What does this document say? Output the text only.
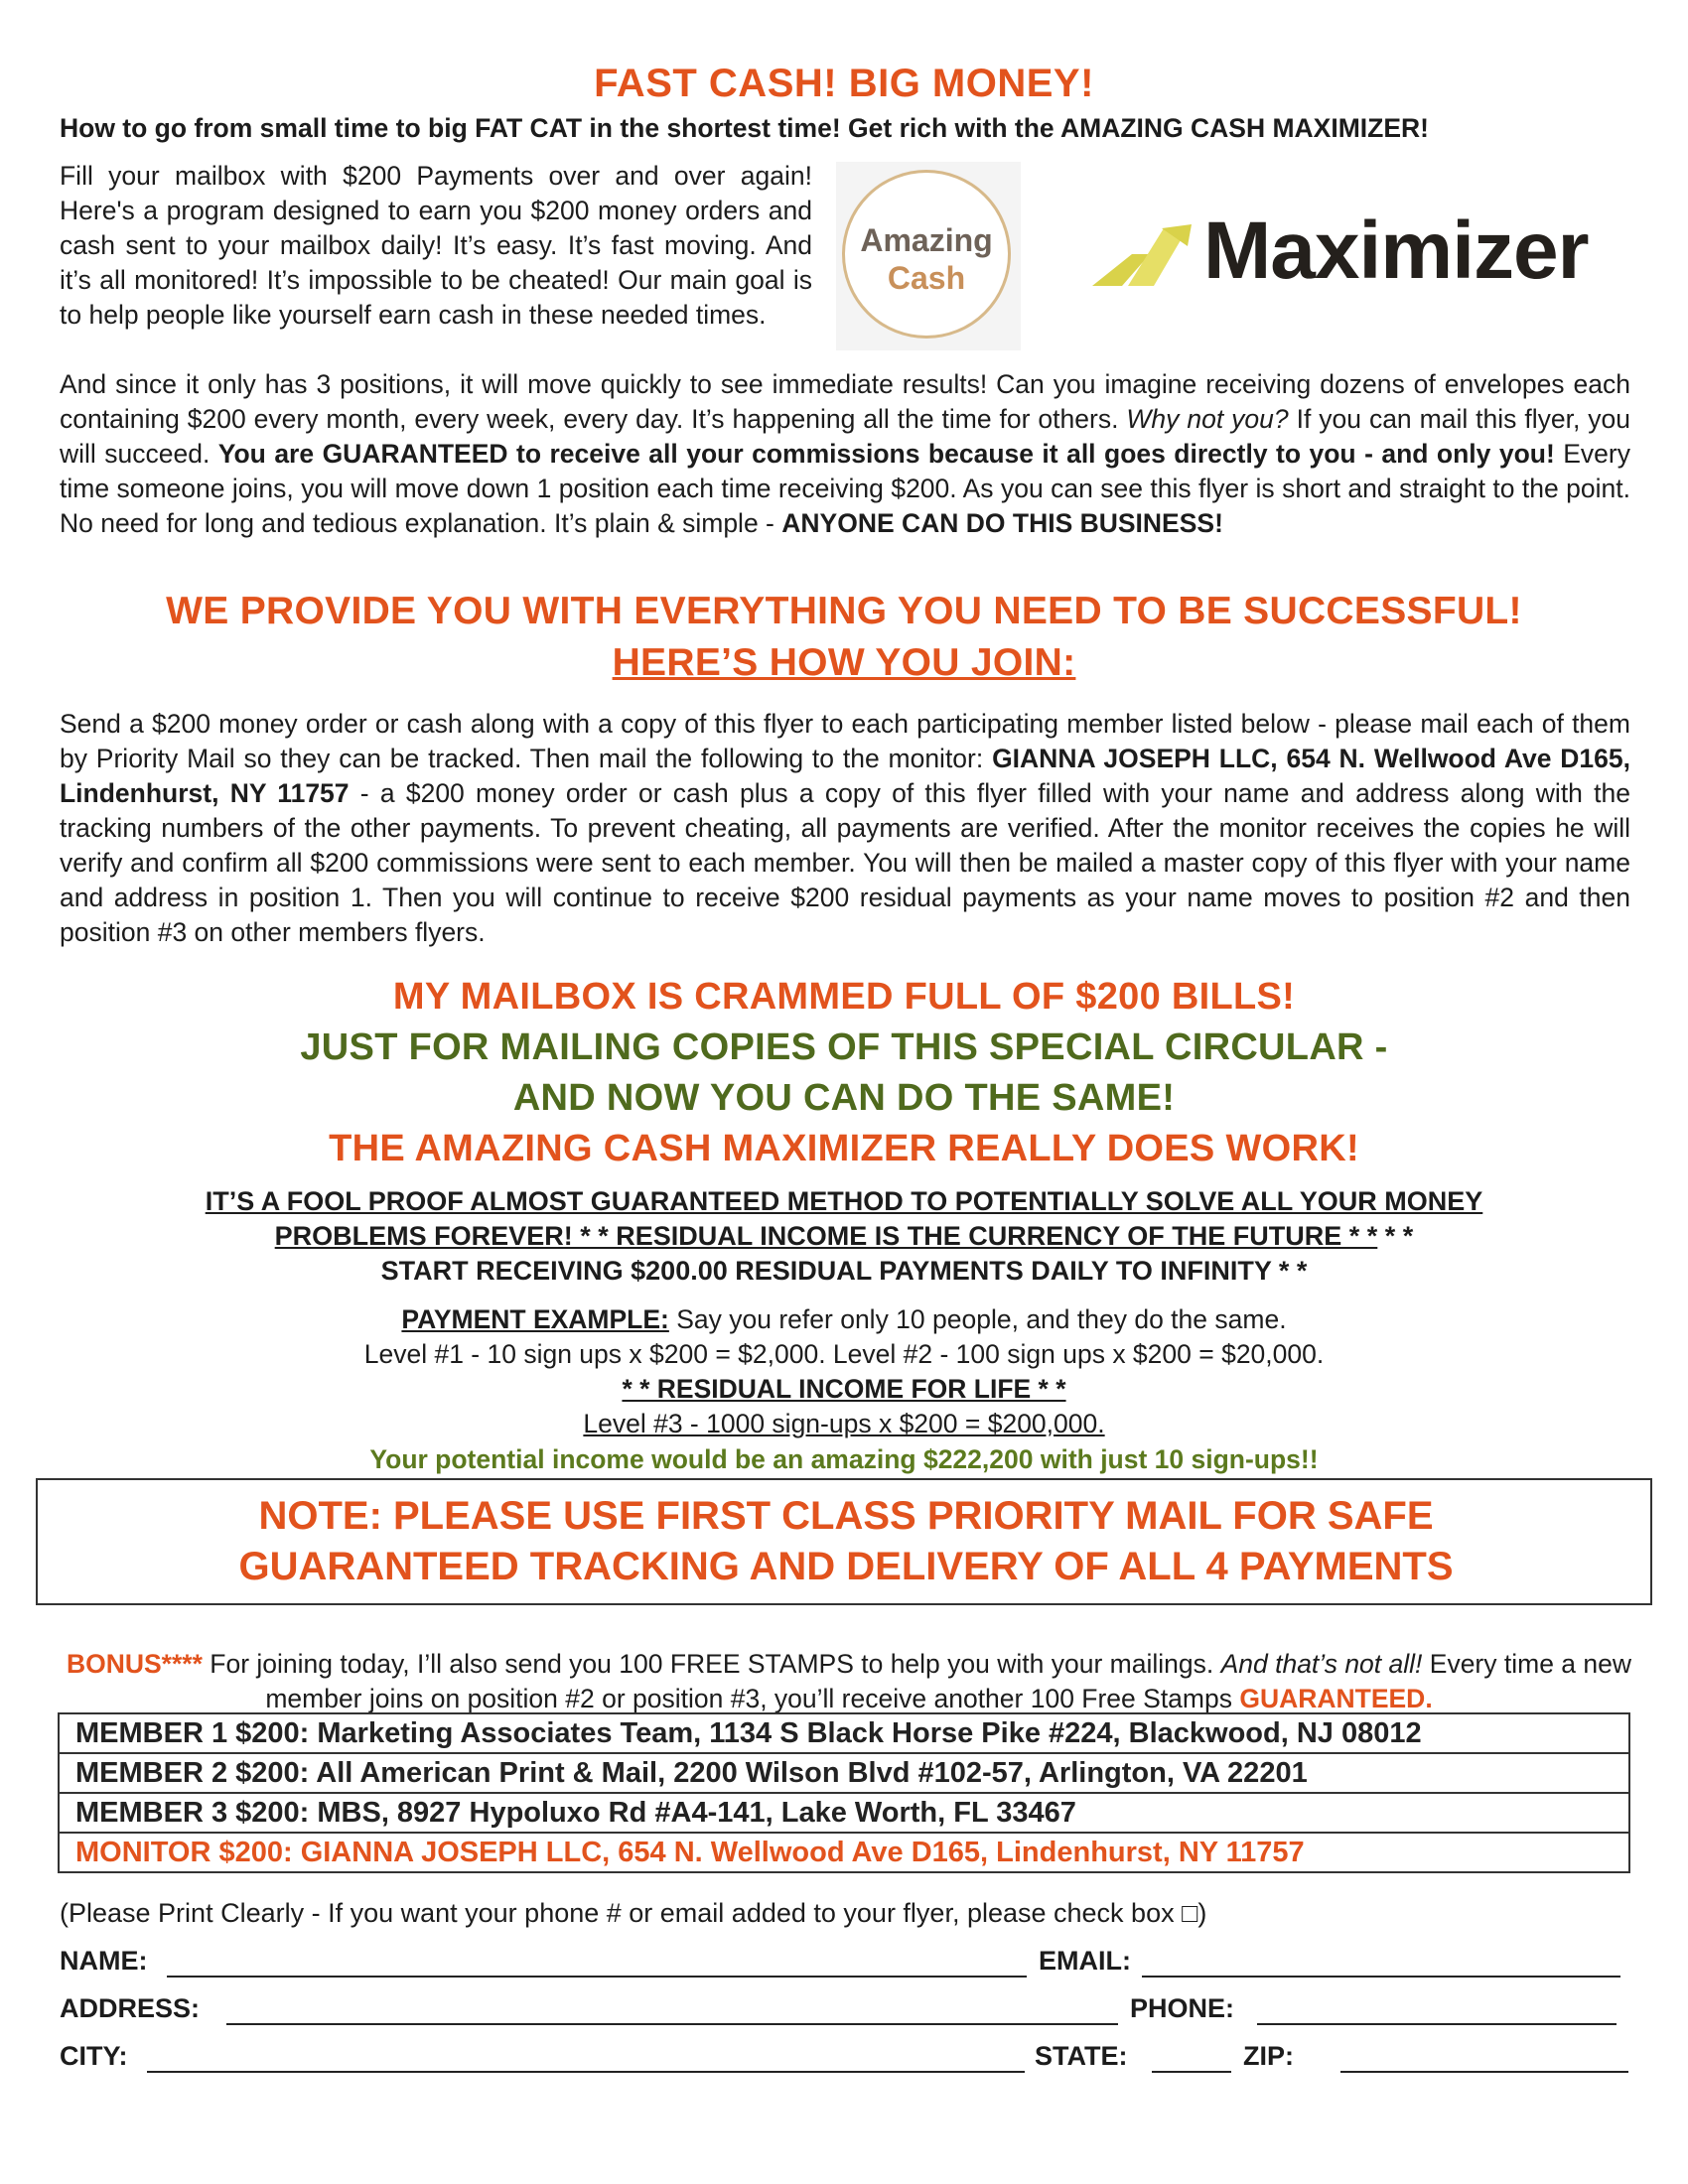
FAST CASH! BIG MONEY!
How to go from small time to big FAT CAT in the shortest time! Get rich with the AMAZING CASH MAXIMIZER!

Fill your mailbox with $200 Payments over and over again! Here's a program designed to earn you $200 money orders and cash sent to your mailbox daily! It’s easy. It’s fast moving. And it’s all monitored! It’s impossible to be cheated! Our main goal is to help people like yourself earn cash in these needed times.

Amazing
Cash	Maximizer

And since it only has 3 positions, it will move quickly to see immediate results! Can you imagine receiving dozens of envelopes each containing $200 every month, every week, every day. It’s happening all the time for others. Why not you? If you can mail this flyer, you will succeed. You are GUARANTEED to receive all your commissions because it all goes directly to you - and only you! Every time someone joins, you will move down 1 position each time receiving $200. As you can see this flyer is short and straight to the point. No need for long and tedious explanation. It’s plain & simple - ANYONE CAN DO THIS BUSINESS!

WE PROVIDE YOU WITH EVERYTHING YOU NEED TO BE SUCCESSFUL!
HERE’S HOW YOU JOIN:

Send a $200 money order or cash along with a copy of this flyer to each participating member listed below - please mail each of them by Priority Mail so they can be tracked. Then mail the following to the monitor: GIANNA JOSEPH LLC, 654 N. Wellwood Ave D165, Lindenhurst, NY 11757 - a $200 money order or cash plus a copy of this flyer filled with your name and address along with the tracking numbers of the other payments. To prevent cheating, all payments are verified. After the monitor receives the copies he will verify and confirm all $200 commissions were sent to each member. You will then be mailed a master copy of this flyer with your name and address in position 1. Then you will continue to receive $200 residual payments as your name moves to position #2 and then position #3 on other members flyers.

MY MAILBOX IS CRAMMED FULL OF $200 BILLS!
JUST FOR MAILING COPIES OF THIS SPECIAL CIRCULAR -
AND NOW YOU CAN DO THE SAME!
THE AMAZING CASH MAXIMIZER REALLY DOES WORK!
IT’S A FOOL PROOF ALMOST GUARANTEED METHOD TO POTENTIALLY SOLVE ALL YOUR MONEY
PROBLEMS FOREVER! * * RESIDUAL INCOME IS THE CURRENCY OF THE FUTURE * * * *
START RECEIVING $200.00 RESIDUAL PAYMENTS DAILY TO INFINITY * *
PAYMENT EXAMPLE: Say you refer only 10 people, and they do the same.
Level #1 - 10 sign ups x $200 = $2,000. Level #2 - 100 sign ups x $200 = $20,000.
* * RESIDUAL INCOME FOR LIFE * *
Level #3 - 1000 sign-ups x $200 = $200,000.
Your potential income would be an amazing $222,200 with just 10 sign-ups!!
NOTE: PLEASE USE FIRST CLASS PRIORITY MAIL FOR SAFE
GUARANTEED TRACKING AND DELIVERY OF ALL 4 PAYMENTS

BONUS**** For joining today, I’ll also send you 100 FREE STAMPS to help you with your mailings. And that’s not all! Every time a new member joins on position #2 or position #3, you’ll receive another 100 Free Stamps GUARANTEED.

MEMBER 1 $200: Marketing Associates Team, 1134 S Black Horse Pike #224, Blackwood, NJ 08012
MEMBER 2 $200: All American Print & Mail, 2200 Wilson Blvd #102-57, Arlington, VA 22201
MEMBER 3 $200: MBS, 8927 Hypoluxo Rd #A4-141, Lake Worth, FL 33467
MONITOR $200: GIANNA JOSEPH LLC, 654 N. Wellwood Ave D165, Lindenhurst, NY 11757
(Please Print Clearly - If you want your phone # or email added to your flyer, please check box □)
NAME:	EMAIL:
ADDRESS:	PHONE:
CITY:	STATE:	ZIP:
